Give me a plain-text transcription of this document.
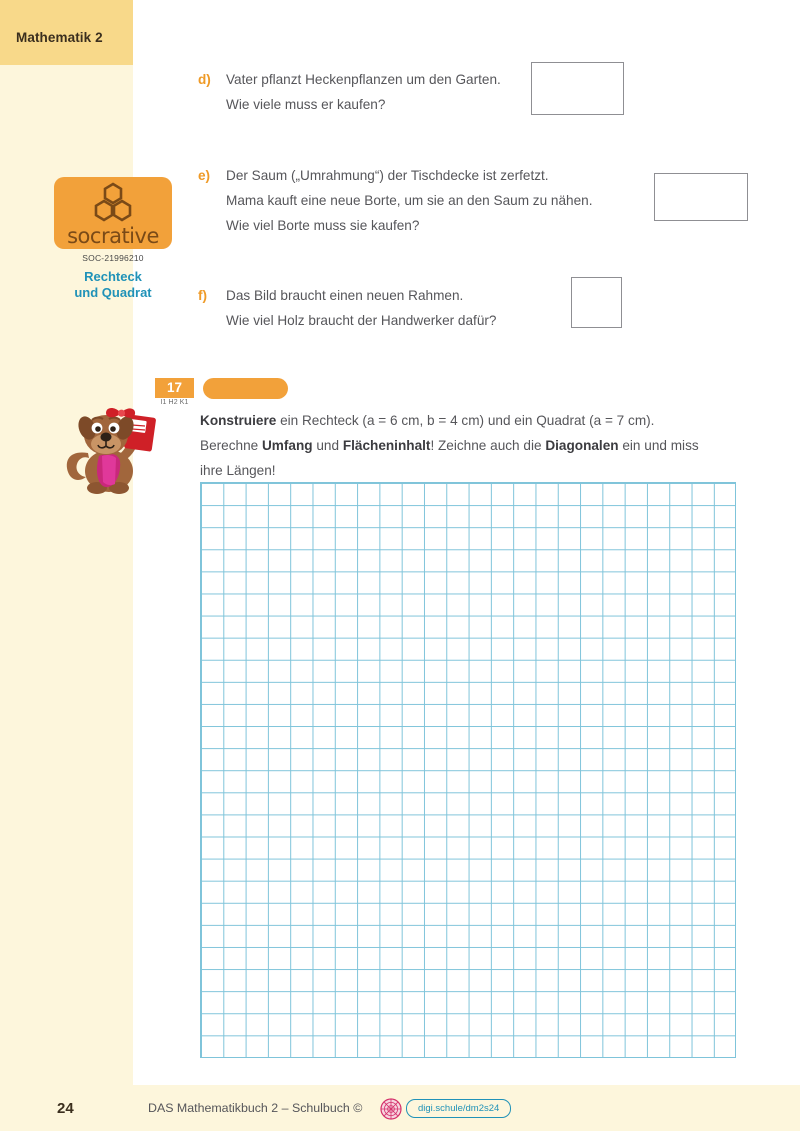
Mathematik 2
socrative
SOC-21996210
Rechteck
und Quadrat
d) Vater pflanzt Heckenpflanzen um den Garten.
Wie viele muss er kaufen?
e) Der Saum („Umrahmung“) der Tischdecke ist zerfetzt.
Mama kauft eine neue Borte, um sie an den Saum zu nähen.
Wie viel Borte muss sie kaufen?
f) Das Bild braucht einen neuen Rahmen.
Wie viel Holz braucht der Handwerker dafür?
17
I1 H2 K1
Konstruiere ein Rechteck (a = 6 cm, b = 4 cm) und ein Quadrat (a = 7 cm).
Berechne Umfang und Flächeninhalt! Zeichne auch die Diagonalen ein und miss
ihre Längen!
24	DAS Mathematikbuch 2 – Schulbuch ©	digi.schule/dm2s24
